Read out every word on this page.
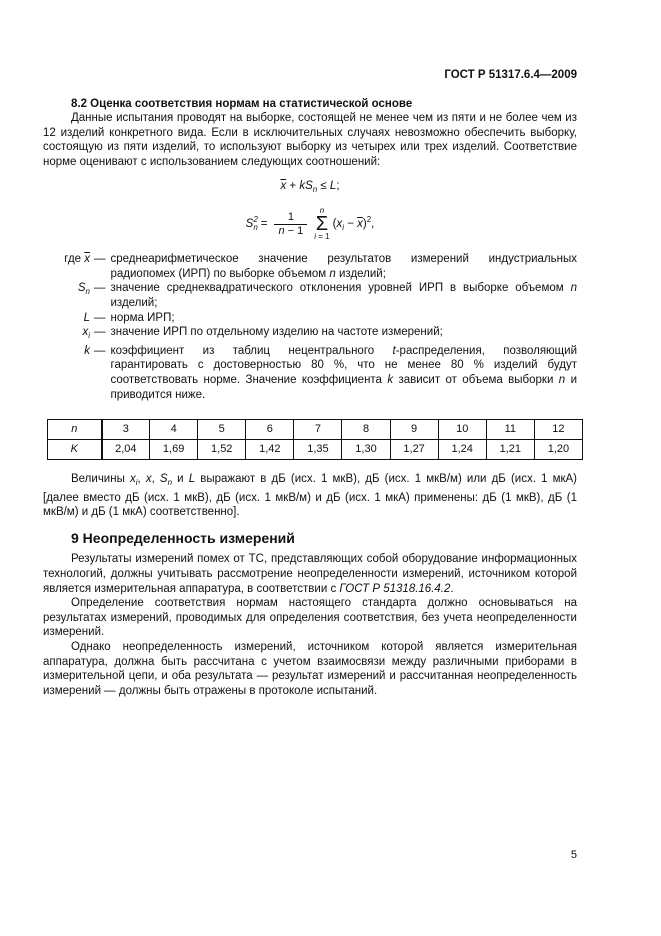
ГОСТ Р 51317.6.4—2009
8.2 Оценка соответствия нормам на статистической основе

Данные испытания проводят на выборке, состоящей не менее чем из пяти и не более чем из 12 изделий конкретного вида. Если в исключительных случаях невозможно обеспечить выборку, состоящую из пяти изделий, то используют выборку из четырех или трех изделий. Соответствие норме оценивают с использованием следующих соотношений:

$\overline{x} + kS_n \le L$;
S 2
$n = \frac{1}{n - 1}$ n
Σ
i = 1
$(x_i - \overline{x})^2$,
где $\overline{x}$ — среднеарифметическое значение результатов измерений индустриальных радиопомех (ИРП) по выборке объемом n изделий;
$S_n$ — значение среднеквадратического отклонения уровней ИРП в выборке объемом n изделий;
L — норма ИРП;
$x_i$ — значение ИРП по отдельному изделию на частоте измерений;
k — коэффициент из таблиц нецентрального t-распределения, позволяющий гарантировать с достоверностью 80 %, что не менее 80 % изделий будут соответствовать норме. Значение коэффициента k зависит от объема выборки n и приводится ниже.
n	3	4	5	6	7	8	9	10	11	12
K	2,04	1,69	1,52	1,42	1,35	1,30	1,27	1,24	1,21	1,20

Величины $x_i$, x, $S_n$ и L выражают в дБ (исх. 1 мкВ), дБ (исх. 1 мкВ/м) или дБ (исх. 1 мкА) [далее вместо дБ (исх. 1 мкВ), дБ (исх. 1 мкВ/м) и дБ (исх. 1 мкА) применены: дБ (1 мкВ), дБ (1 мкВ/м) и дБ (1 мкА) соответственно].

9 Неопределенность измерений

Результаты измерений помех от ТС, представляющих собой оборудование информационных технологий, должны учитывать рассмотрение неопределенности измерений, источником которой является измерительная аппаратура, в соответствии с ГОСТ Р 51318.16.4.2.

Определение соответствия нормам настоящего стандарта должно основываться на результатах измерений, проводимых для определения соответствия, без учета неопределенности измерений.

Однако неопределенность измерений, источником которой является измерительная аппаратура, должна быть рассчитана с учетом взаимосвязи между различными приборами в измерительной цепи, и оба результата — результат измерений и рассчитанная неопределенность измерений — должны быть отражены в протоколе испытаний.

5
